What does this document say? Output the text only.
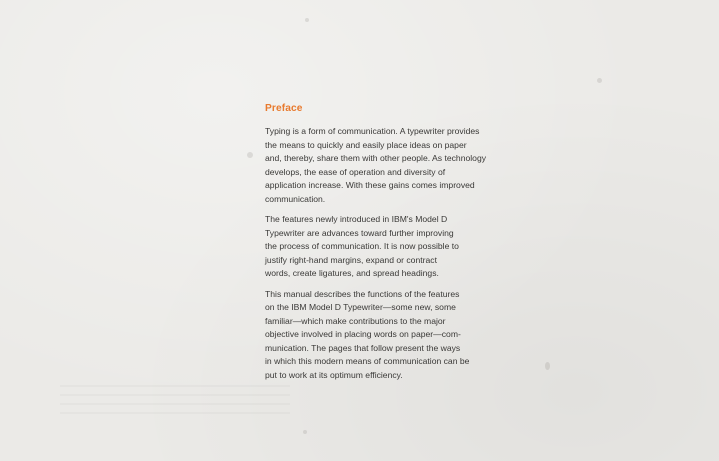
Preface

Typing is a form of communication. A typewriter provides
the means to quickly and easily place ideas on paper
and, thereby, share them with other people. As technology
develops, the ease of operation and diversity of
application increase. With these gains comes improved
communication.

The features newly introduced in IBM's Model D
Typewriter are advances toward further improving
the process of communication. It is now possible to
justify right-hand margins, expand or contract
words, create ligatures, and spread headings.

This manual describes the functions of the features
on the IBM Model D Typewriter—some new, some
familiar—which make contributions to the major
objective involved in placing words on paper—com-
munication. The pages that follow present the ways
in which this modern means of communication can be
put to work at its optimum efficiency.
